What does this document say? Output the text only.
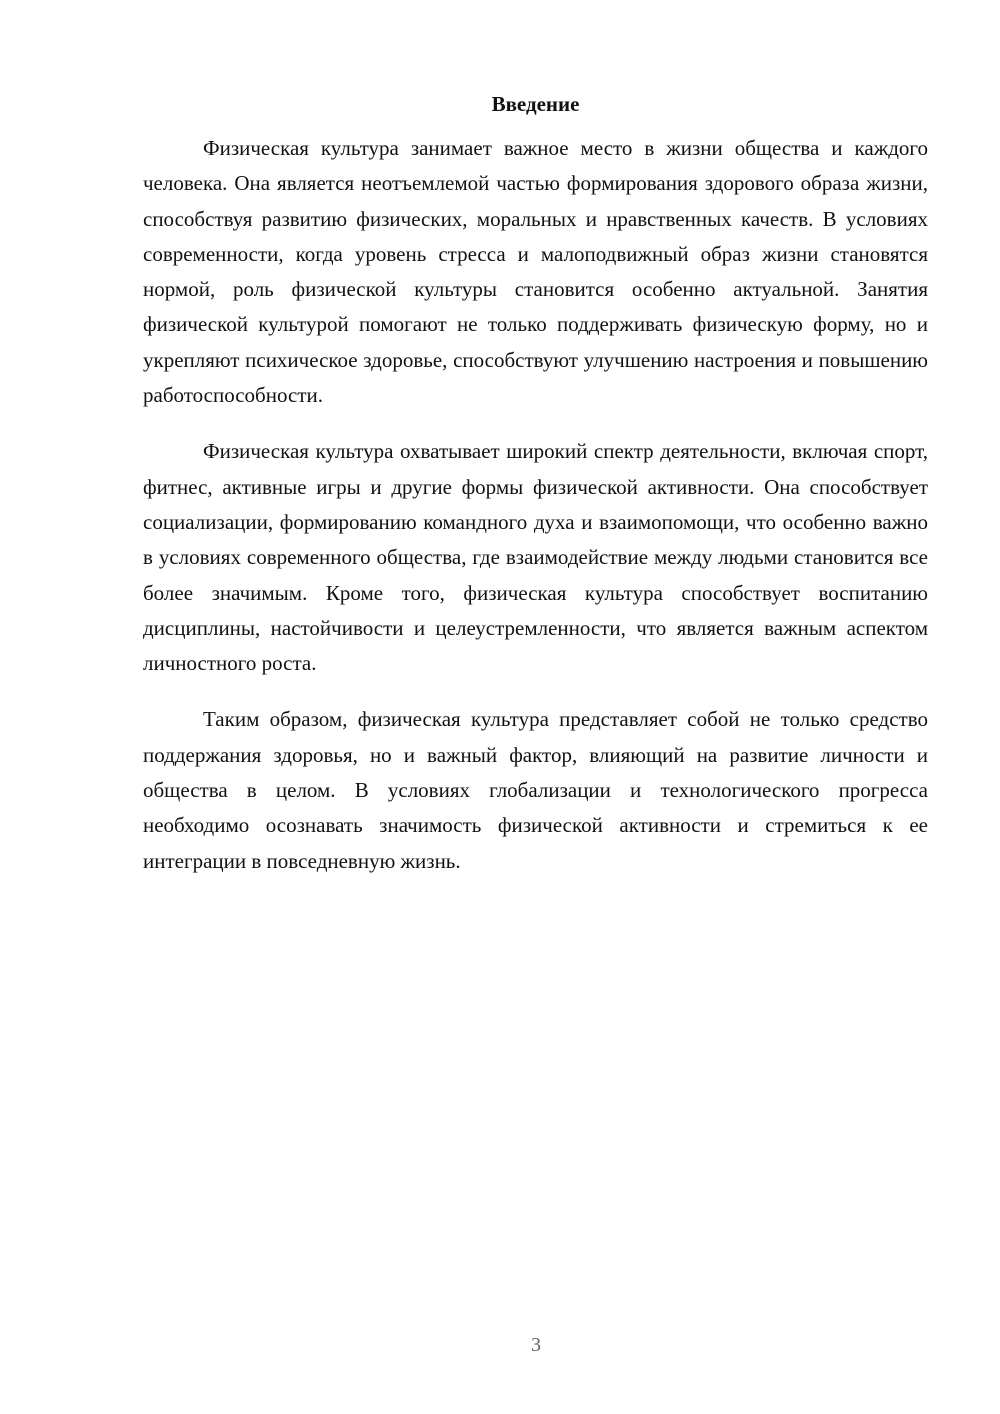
Введение

Физическая культура занимает важное место в жизни общества и каждого человека. Она является неотъемлемой частью формирования здорового образа жизни, способствуя развитию физических, моральных и нравственных качеств. В условиях современности, когда уровень стресса и малоподвижный образ жизни становятся нормой, роль физической культуры становится особенно актуальной. Занятия физической культурой помогают не только поддерживать физическую форму, но и укрепляют психическое здоровье, способствуют улучшению настроения и повышению работоспособности.

Физическая культура охватывает широкий спектр деятельности, включая спорт, фитнес, активные игры и другие формы физической активности. Она способствует социализации, формированию командного духа и взаимопомощи, что особенно важно в условиях современного общества, где взаимодействие между людьми становится все более значимым. Кроме того, физическая культура способствует воспитанию дисциплины, настойчивости и целеустремленности, что является важным аспектом личностного роста.

Таким образом, физическая культура представляет собой не только средство поддержания здоровья, но и важный фактор, влияющий на развитие личности и общества в целом. В условиях глобализации и технологического прогресса необходимо осознавать значимость физической активности и стремиться к ее интеграции в повседневную жизнь.

3
